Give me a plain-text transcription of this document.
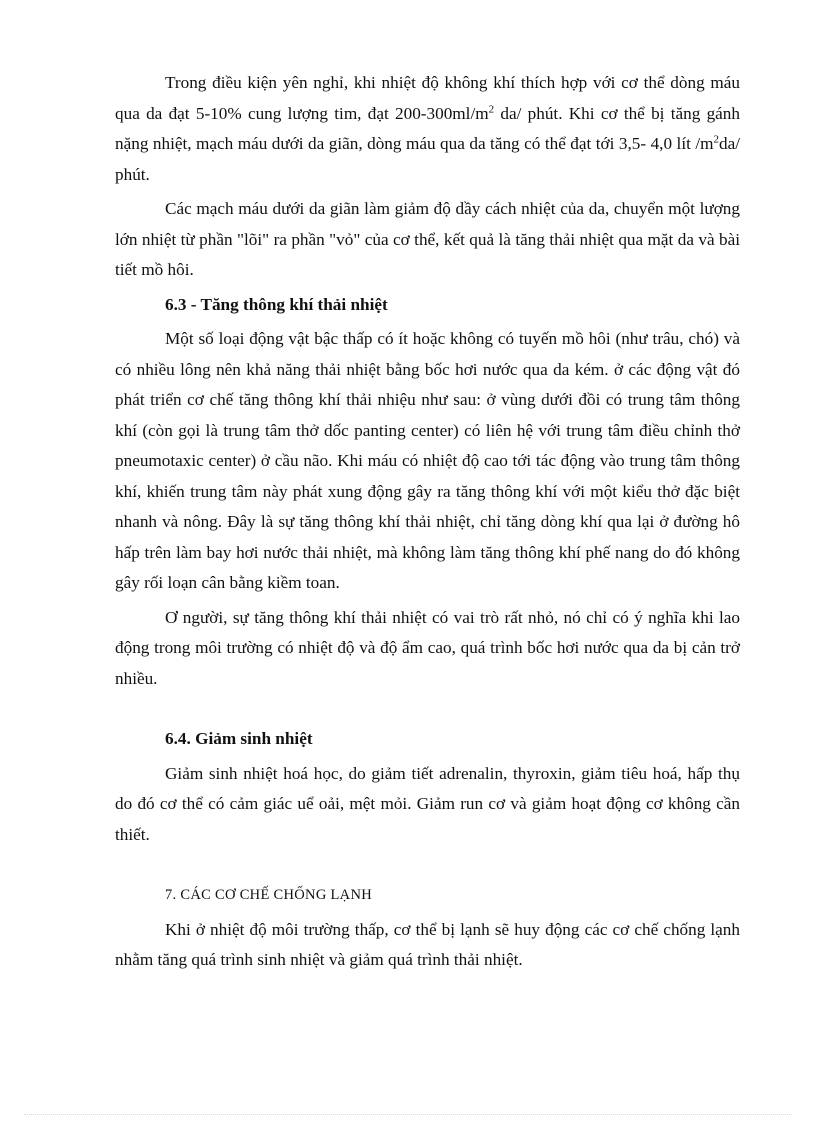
Trong điều kiện yên nghỉ, khi nhiệt độ không khí thích hợp với cơ thể dòng máu qua da đạt 5-10% cung lượng tim, đạt $200-300ml/m^2$ da/ phút. Khi cơ thể bị tăng gánh nặng nhiệt, mạch máu dưới da giãn, dòng máu qua da tăng có thể đạt tới 3,5- 4,0 lít $/m^2da/$ phút.

Các mạch máu dưới da giãn làm giảm độ dầy cách nhiệt của da, chuyển một lượng lớn nhiệt từ phần "lõi" ra phần "vỏ" của cơ thể, kết quả là tăng thải nhiệt qua mặt da và bài tiết mồ hôi.

6.3 - Tăng thông khí thải nhiệt

Một số loại động vật bậc thấp có ít hoặc không có tuyến mồ hôi (như trâu, chó) và có nhiều lông nên khả năng thải nhiệt bằng bốc hơi nước qua da kém. ở các động vật đó phát triển cơ chế tăng thông khí thải nhiệu như sau: ở vùng dưới đồi có trung tâm thông khí (còn gọi là trung tâm thở dốc panting center) có liên hệ với trung tâm điều chỉnh thở pneumotaxic center) ở cầu não. Khi máu có nhiệt độ cao tới tác động vào trung tâm thông khí, khiến trung tâm này phát xung động gây ra tăng thông khí với một kiểu thở đặc biệt nhanh và nông. Đây là sự tăng thông khí thải nhiệt, chỉ tăng dòng khí qua lại ở đường hô hấp trên làm bay hơi nước thải nhiệt, mà không làm tăng thông khí phế nang do đó không gây rối loạn cân bằng kiềm toan.

Ơ người, sự tăng thông khí thải nhiệt có vai trò rất nhỏ, nó chỉ có ý nghĩa khi lao động trong môi trường có nhiệt độ và độ ẩm cao, quá trình bốc hơi nước qua da bị cản trở nhiều.

6.4. Giảm sinh nhiệt

Giảm sinh nhiệt hoá học, do giảm tiết adrenalin, thyroxin, giảm tiêu hoá, hấp thụ do đó cơ thể có cảm giác uể oải, mệt mỏi. Giảm run cơ và giảm hoạt động cơ không cần thiết.

7. CÁC CƠ CHẾ CHỐNG LẠNH

Khi ở nhiệt độ môi trường thấp, cơ thể bị lạnh sẽ huy động các cơ chế chống lạnh nhằm tăng quá trình sinh nhiệt và giảm quá trình thải nhiệt.
